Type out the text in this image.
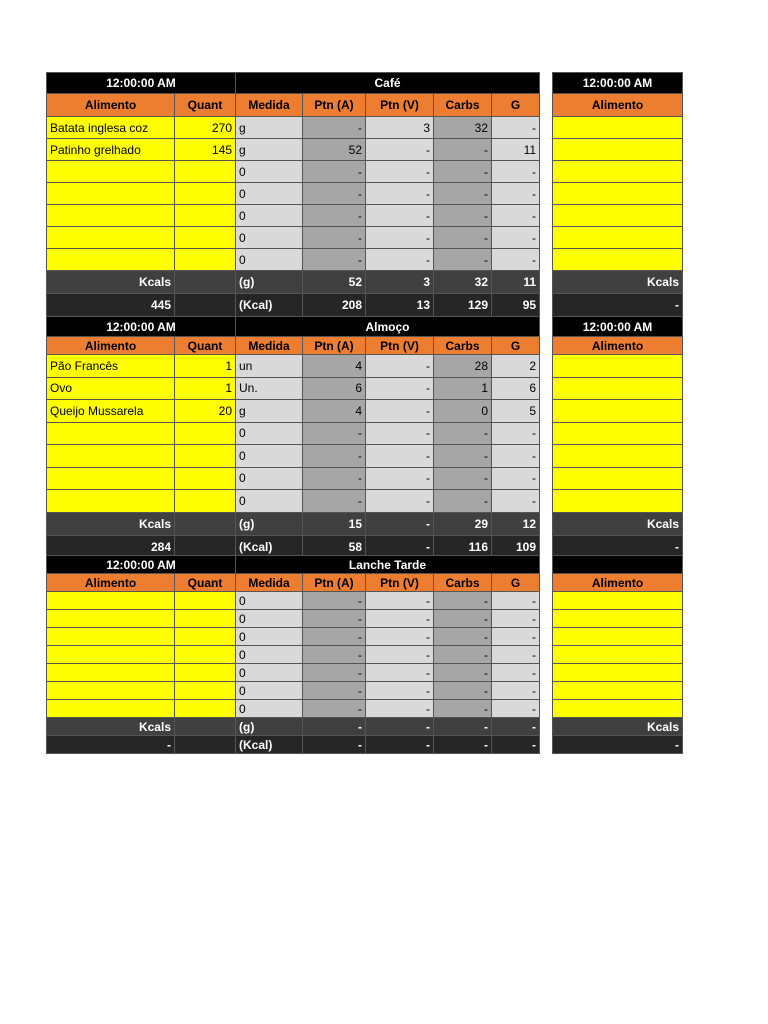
12:00:00 AM		Café				
Alimento	Quant	Medida	Ptn (A)	Ptn (V)	Carbs	G
Batata inglesa coz	270	g	-	3	32	-
Patinho grelhado	145	g	52	-	-	11
		0	-	-	-	-
		0	-	-	-	-
		0	-	-	-	-
		0	-	-	-	-
		0	-	-	-	-
Kcals		(g)	52	3	32	11
445		(Kcal)	208	13	129	95
12:00:00 AM
Alimento

Kcals
-
12:00:00 AM		Almoço				
Alimento	Quant	Medida	Ptn (A)	Ptn (V)	Carbs	G
Pão Francês	1	un	4	-	28	2
Ovo	1	Un.	6	-	1	6
Queijo Mussarela	20	g	4	-	0	5
		0	-	-	-	-
		0	-	-	-	-
		0	-	-	-	-
		0	-	-	-	-
Kcals		(g)	15	-	29	12
284		(Kcal)	58	-	116	109
12:00:00 AM
Alimento

Kcals
-
12:00:00 AM		Lanche Tarde				
Alimento	Quant	Medida	Ptn (A)	Ptn (V)	Carbs	G
		0	-	-	-	-
		0	-	-	-	-
		0	-	-	-	-
		0	-	-	-	-
		0	-	-	-	-
		0	-	-	-	-
		0	-	-	-	-
Kcals		(g)	-	-	-	-
-		(Kcal)	-	-	-	-

Alimento

Kcals
-
